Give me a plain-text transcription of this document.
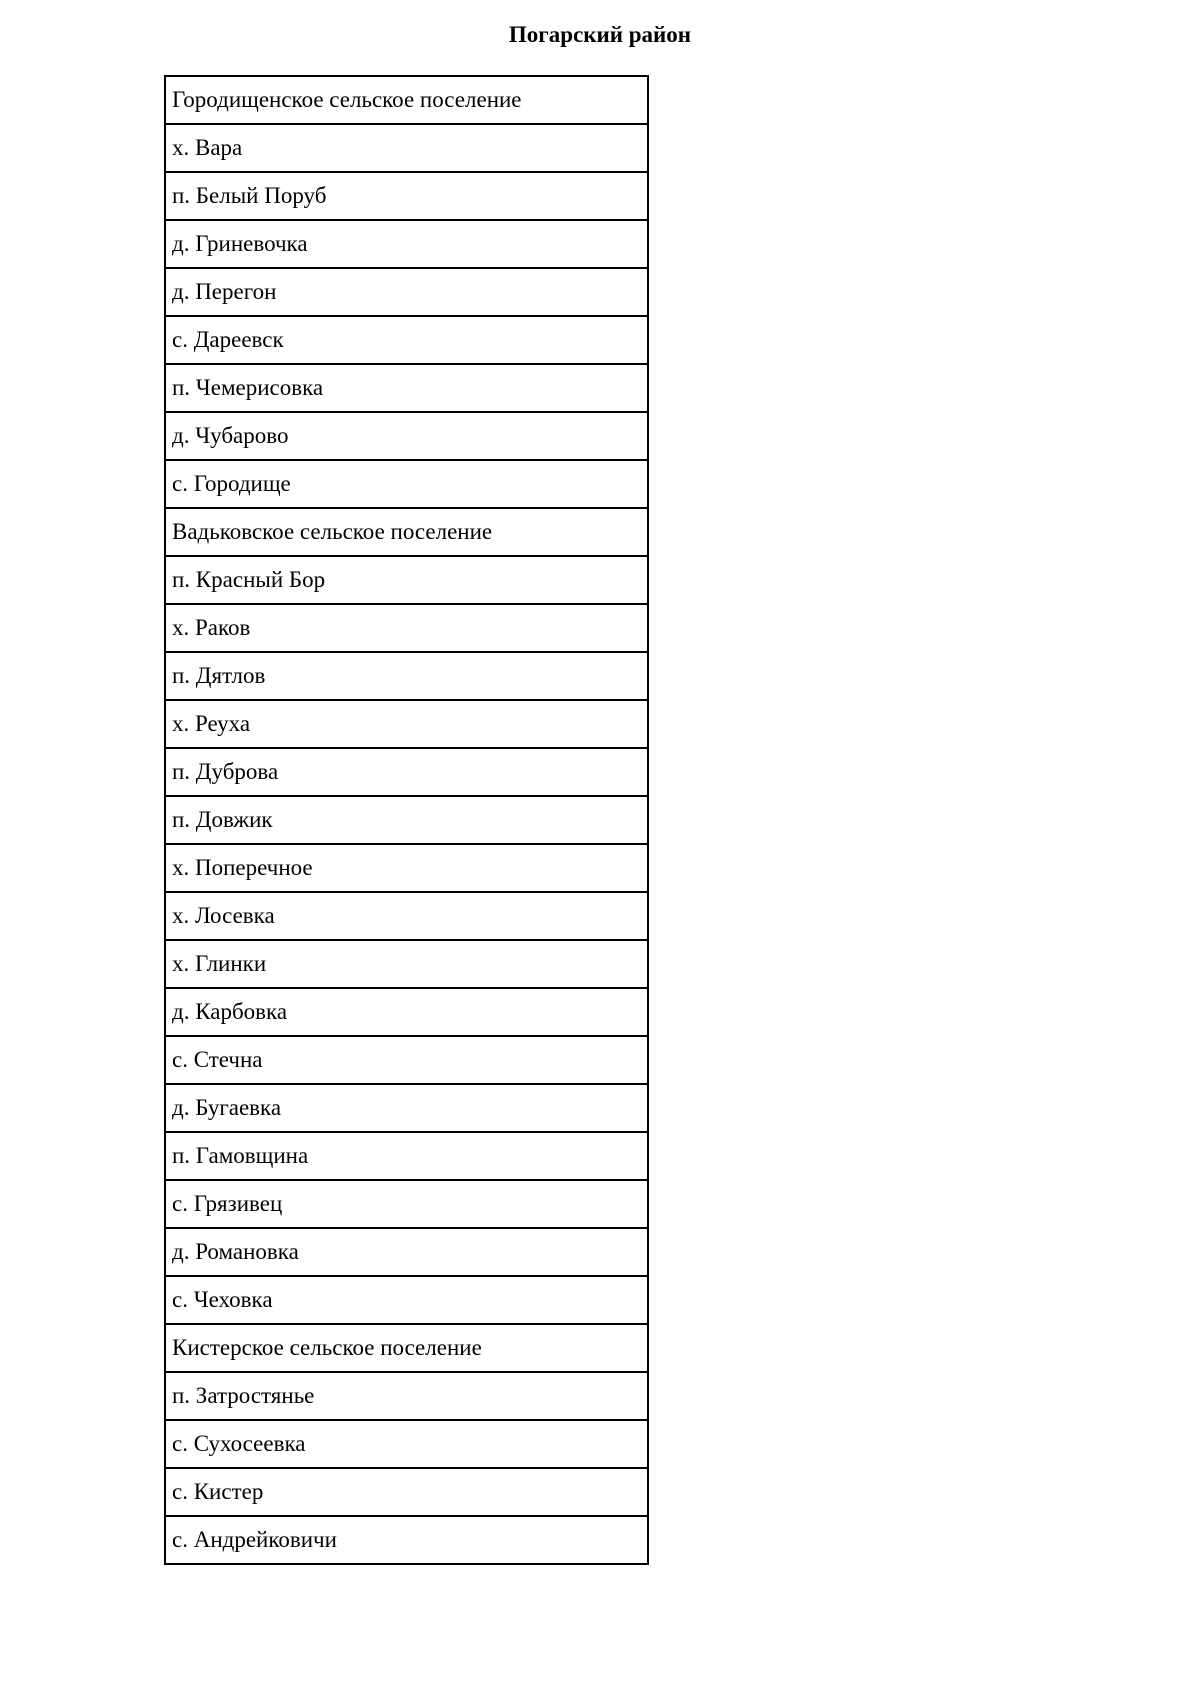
Погарский район
Городищенское сельское поселение
х. Вара
п. Белый Поруб
д. Гриневочка
д. Перегон
с. Дареевск
п. Чемерисовка
д. Чубарово
с. Городище
Вадьковское сельское поселение
п. Красный Бор
х. Раков
п. Дятлов
х. Реуха
п. Дуброва
п. Довжик
х. Поперечное
х. Лосевка
х. Глинки
д. Карбовка
с. Стечна
д. Бугаевка
п. Гамовщина
с. Грязивец
д. Романовка
с. Чеховка
Кистерское сельское поселение
п. Затростянье
с. Сухосеевка
с. Кистер
с. Андрейковичи
